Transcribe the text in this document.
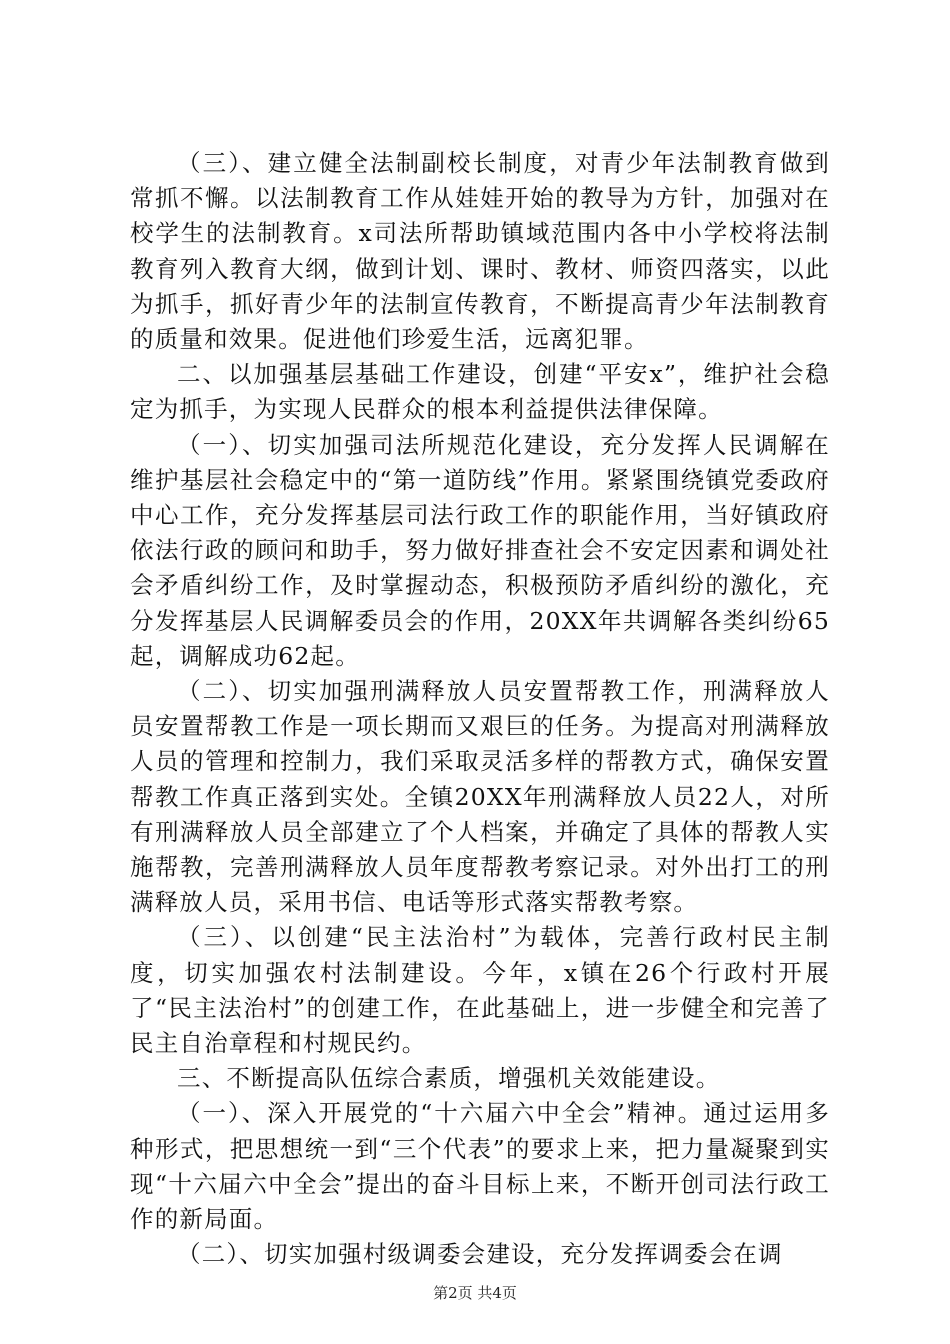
（三）、建立健全法制副校长制度，对青少年法制教育做到常抓不懈。以法制教育工作从娃娃开始的教导为方针，加强对在校学生的法制教育。x司法所帮助镇域范围内各中小学校将法制教育列入教育大纲，做到计划、课时、教材、师资四落实，以此为抓手，抓好青少年的法制宣传教育，不断提高青少年法制教育的质量和效果。促进他们珍爱生活，远离犯罪。

二、以加强基层基础工作建设，创建“平安x”，维护社会稳定为抓手，为实现人民群众的根本利益提供法律保障。

（一）、切实加强司法所规范化建设，充分发挥人民调解在维护基层社会稳定中的“第一道防线”作用。紧紧围绕镇党委政府中心工作，充分发挥基层司法行政工作的职能作用，当好镇政府依法行政的顾问和助手，努力做好排查社会不安定因素和调处社会矛盾纠纷工作，及时掌握动态，积极预防矛盾纠纷的激化，充分发挥基层人民调解委员会的作用，20XX年共调解各类纠纷65起，调解成功62起。

（二）、切实加强刑满释放人员安置帮教工作，刑满释放人员安置帮教工作是一项长期而又艰巨的任务。为提高对刑满释放人员的管理和控制力，我们采取灵活多样的帮教方式，确保安置帮教工作真正落到实处。全镇20XX年刑满释放人员22人，对所有刑满释放人员全部建立了个人档案，并确定了具体的帮教人实施帮教，完善刑满释放人员年度帮教考察记录。对外出打工的刑满释放人员，采用书信、电话等形式落实帮教考察。

（三）、以创建“民主法治村”为载体，完善行政村民主制度，切实加强农村法制建设。今年，x镇在26个行政村开展了“民主法治村”的创建工作，在此基础上，进一步健全和完善了民主自治章程和村规民约。

三、不断提高队伍综合素质，增强机关效能建设。

（一）、深入开展党的“十六届六中全会”精神。通过运用多种形式，把思想统一到“三个代表”的要求上来，把力量凝聚到实现“十六届六中全会”提出的奋斗目标上来，不断开创司法行政工作的新局面。

（二）、切实加强村级调委会建设，充分发挥调委会在调

第2页 共4页
